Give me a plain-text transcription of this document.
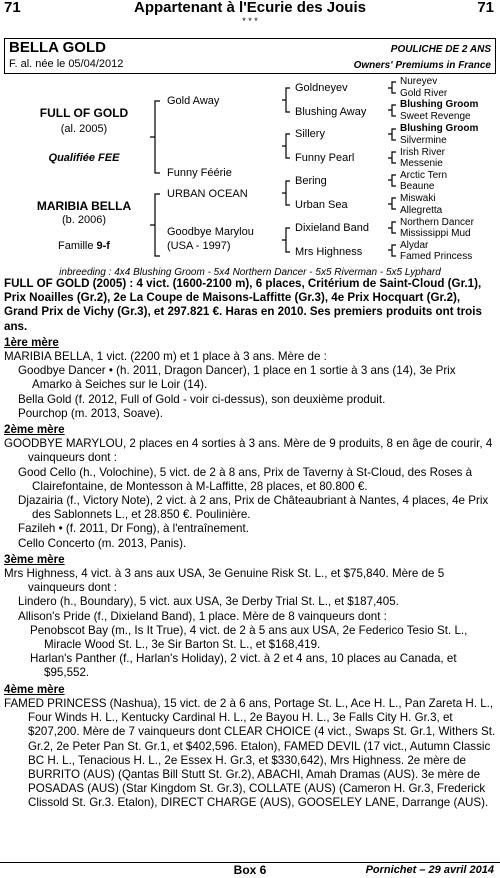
71	Appartenant à l'Ecurie des Jouis	71
* * *
BELLA GOLD
F. al. née le 05/04/2012
POULICHE DE 2 ANS
Owners' Premiums in France
FULL OF GOLD
(al. 2005)
Qualifiée FEE
MARIBIA BELLA
(b. 2006)
Famille 9-f
Gold Away
Funny Féérie
URBAN OCEAN
Goodbye Marylou
(USA - 1997)
Goldneyev
Blushing Away
Sillery
Funny Pearl
Bering
Urban Sea
Dixieland Band
Mrs Highness
Nureyev
Gold River
Blushing Groom
Sweet Revenge
Blushing Groom
Silvermine
Irish River
Messenie
Arctic Tern
Beaune
Miswaki
Allegretta
Northern Dancer
Mississippi Mud
Alydar
Famed Princess
inbreeding : 4x4 Blushing Groom - 5x4 Northern Dancer - 5x5 Riverman - 5x5 Lyphard

FULL OF GOLD (2005) : 4 vict. (1600-2100 m), 6 places, Critérium de Saint-Cloud (Gr.1), Prix Noailles (Gr.2), 2e La Coupe de Maisons-Laffitte (Gr.3), 4e Prix Hocquart (Gr.2), Grand Prix de Vichy (Gr.3), et 297.821 €. Haras en 2010. Ses premiers produits ont trois ans.

1ère mère

MARIBIA BELLA, 1 vict. (2200 m) et 1 place à 3 ans. Mère de :

Goodbye Dancer • (h. 2011, Dragon Dancer), 1 place en 1 sortie à 3 ans (14), 3e Prix Amarko à Seiches sur le Loir (14).

Bella Gold (f. 2012, Full of Gold - voir ci-dessus), son deuxième produit.

Pourchop (m. 2013, Soave).

2ème mère

GOODBYE MARYLOU, 2 places en 4 sorties à 3 ans. Mère de 9 produits, 8 en âge de courir, 4 vainqueurs dont :

Good Cello (h., Volochine), 5 vict. de 2 à 8 ans, Prix de Taverny à St-Cloud, des Roses à Clairefontaine, de Montesson à M-Laffitte, 28 places, et 80.800 €.

Djazairia (f., Victory Note), 2 vict. à 2 ans, Prix de Châteaubriant à Nantes, 4 places, 4e Prix des Sablonnets L., et 28.850 €. Poulinière.

Fazileh • (f. 2011, Dr Fong), à l'entraînement.

Cello Concerto (m. 2013, Panis).

3ème mère

Mrs Highness, 4 vict. à 3 ans aux USA, 3e Genuine Risk St. L., et $75,840. Mère de 5 vainqueurs dont :

Lindero (h., Boundary), 5 vict. aux USA, 3e Derby Trial St. L., et $187,405.

Allison's Pride (f., Dixieland Band), 1 place. Mère de 8 vainqueurs dont :

Penobscot Bay (m., Is It True), 4 vict. de 2 à 5 ans aux USA, 2e Federico Tesio St. L., Miracle Wood St. L., 3e Sir Barton St. L., et $168,419.

Harlan's Panther (f., Harlan's Holiday), 2 vict. à 2 et 4 ans, 10 places au Canada, et $95,552.

4ème mère

FAMED PRINCESS (Nashua), 15 vict. de 2 à 6 ans, Portage St. L., Ace H. L., Pan Zareta H. L., Four Winds H. L., Kentucky Cardinal H. L., 2e Bayou H. L., 3e Falls City H. Gr.3, et $207,200. Mère de 7 vainqueurs dont CLEAR CHOICE (4 vict., Swaps St. Gr.1, Withers St. Gr.2, 2e Peter Pan St. Gr.1, et $402,596. Etalon), FAMED DEVIL (17 vict., Autumn Classic BC H. L., Tenacious H. L., 2e Essex H. Gr.3, et $330,642), Mrs Highness. 2e mère de BURRITO (AUS) (Qantas Bill Stutt St. Gr.2), ABACHI, Amah Dramas (AUS). 3e mère de POSADAS (AUS) (Star Kingdom St. Gr.3), COLLATE (AUS) (Cameron H. Gr.3, Frederick Clissold St. Gr.3. Etalon), DIRECT CHARGE (AUS), GOOSELEY LANE, Darrange (AUS).

Box 6	Pornichet – 29 avril 2014
